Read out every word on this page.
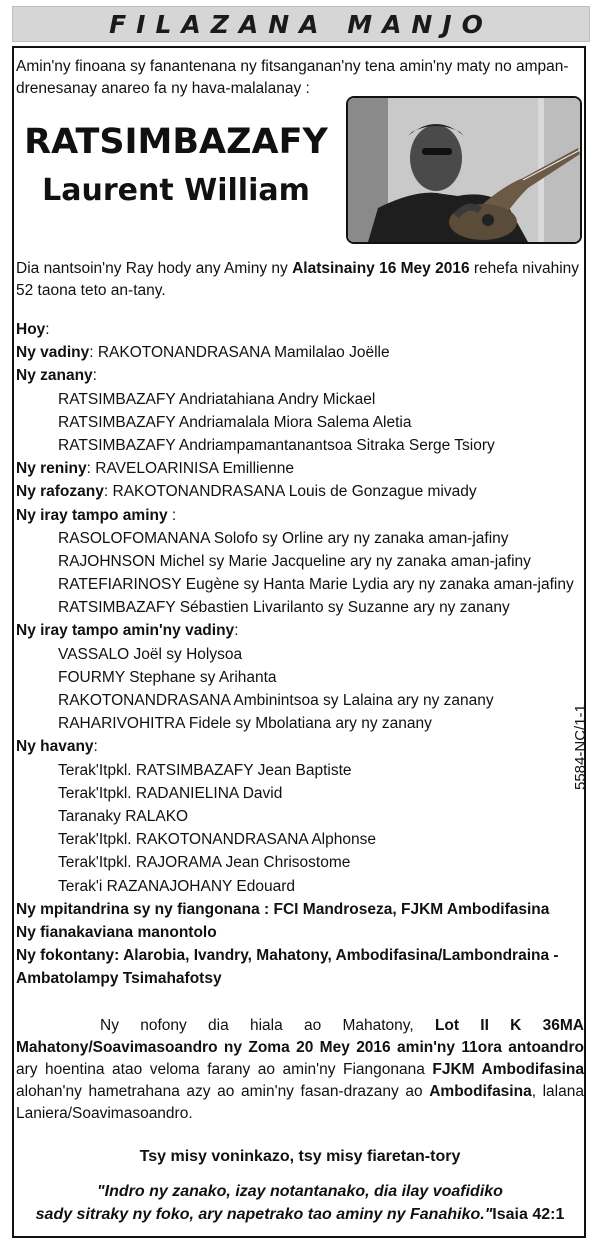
FILAZANA MANJO
Amin'ny finoana sy fanantenana ny fitsanganan'ny tena amin'ny maty no ampan-drenesanay anareo fa ny hava-malalanay :
RATSIMBAZAFY
Laurent William
Dia nantsoin'ny Ray hody any Aminy ny Alatsinainy 16 Mey 2016 rehefa nivahiny 52 taona teto an-tany.
Hoy:
Ny vadiny: RAKOTONANDRASANA Mamilalao Joëlle
Ny zanany:
RATSIMBAZAFY Andriatahiana Andry Mickael
RATSIMBAZAFY Andriamalala Miora Salema Aletia
RATSIMBAZAFY Andriampamantanantsoa Sitraka Serge Tsiory
Ny reniny: RAVELOARINISA Emillienne
Ny rafozany: RAKOTONANDRASANA Louis de Gonzague mivady
Ny iray tampo aminy :
RASOLOFOMANANA Solofo sy Orline ary ny zanaka aman-jafiny
RAJOHNSON Michel sy Marie Jacqueline ary ny zanaka aman-jafiny
RATEFIARINOSY Eugène sy Hanta Marie Lydia ary ny zanaka aman-jafiny
RATSIMBAZAFY Sébastien Livarilanto sy Suzanne ary ny zanany
Ny iray tampo amin'ny vadiny:
VASSALO Joël sy Holysoa
FOURMY Stephane sy Arihanta
RAKOTONANDRASANA Ambinintsoa sy Lalaina ary ny zanany
RAHARIVOHITRA Fidele sy Mbolatiana ary ny zanany
Ny havany:
Terak'Itpkl. RATSIMBAZAFY Jean Baptiste
Terak'Itpkl. RADANIELINA David
Taranaky RALAKO
Terak'Itpkl. RAKOTONANDRASANA Alphonse
Terak'Itpkl. RAJORAMA Jean Chrisostome
Terak'i RAZANAJOHANY Edouard
Ny mpitandrina sy ny fiangonana : FCI Mandroseza, FJKM Ambodifasina
Ny fianakaviana manontolo
Ny fokontany: Alarobia, Ivandry, Mahatony, Ambodifasina/Lambondraina -
Ambatolampy Tsimahafotsy
Ny nofony dia hiala ao Mahatony, Lot II K 36MA Mahatony/Soavimasoandro ny Zoma 20 Mey 2016 amin'ny 11ora antoandro ary hoentina atao veloma farany ao amin'ny Fiangonana FJKM Ambodifasina alohan'ny hametrahana azy ao amin'ny fasan-drazany ao Ambodifasina, lalana Laniera/Soavimasoandro.
Tsy misy voninkazo, tsy misy fiaretan-tory
"Indro ny zanako, izay notantanako, dia ilay voafidiko
sady sitraky ny foko, ary napetrako tao aminy ny Fanahiko."Isaia 42:1
5584-NC/1-1
